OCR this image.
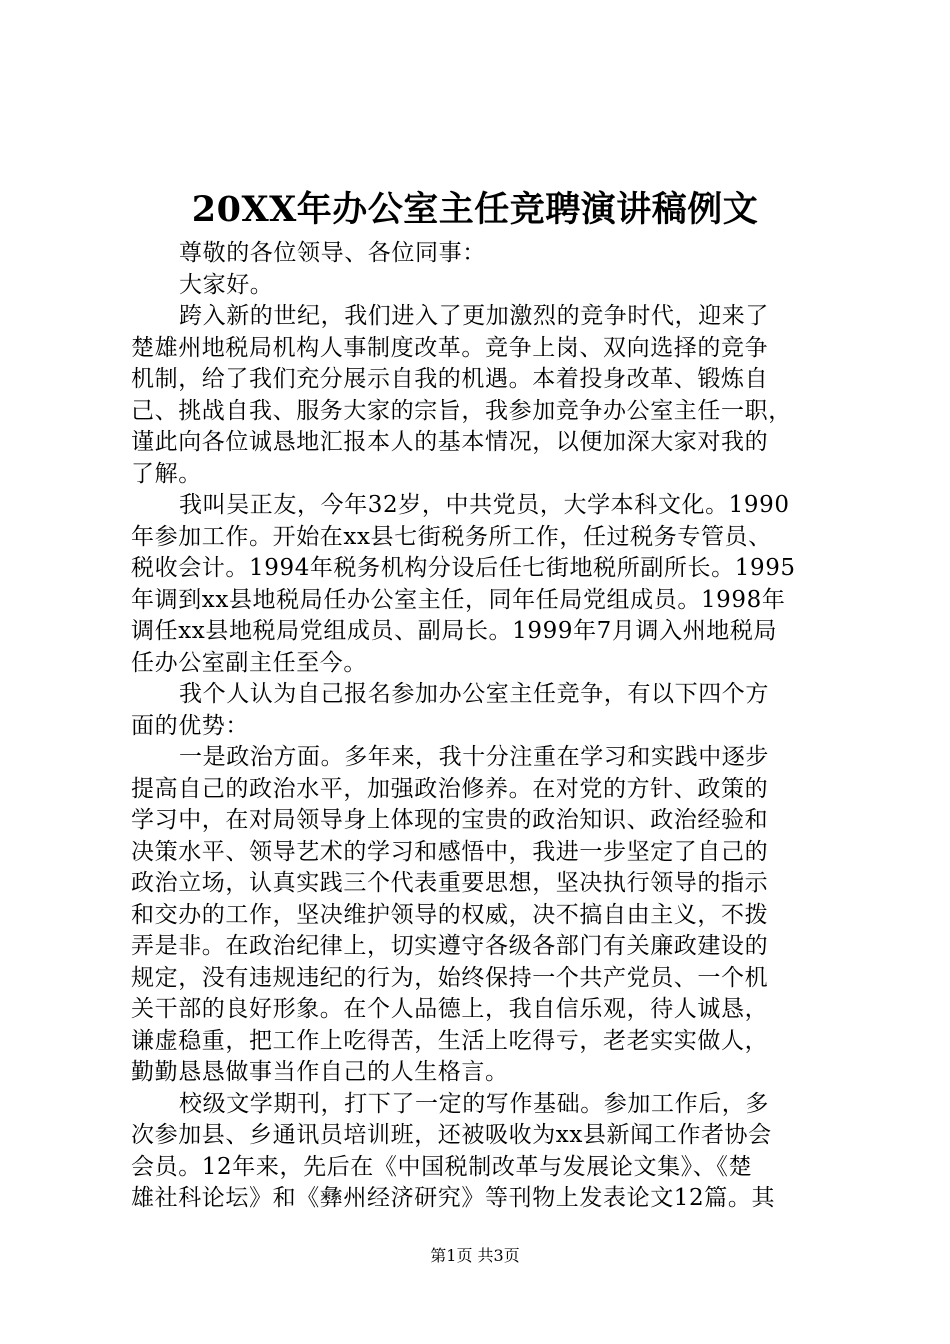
20XX年办公室主任竞聘演讲稿例文

尊敬的各位领导、各位同事：

大家好。

跨入新的世纪，我们进入了更加激烈的竞争时代，迎来了

楚雄州地税局机构人事制度改革。竞争上岗、双向选择的竞争

机制，给了我们充分展示自我的机遇。本着投身改革、锻炼自

己、挑战自我、服务大家的宗旨，我参加竞争办公室主任一职，

谨此向各位诚恳地汇报本人的基本情况，以便加深大家对我的

了解。

我叫吴正友，今年32岁，中共党员，大学本科文化。1990

年参加工作。开始在xx县七街税务所工作，任过税务专管员、

税收会计。1994年税务机构分设后任七街地税所副所长。1995

年调到xx县地税局任办公室主任，同年任局党组成员。1998年

调任xx县地税局党组成员、副局长。1999年7月调入州地税局

任办公室副主任至今。

我个人认为自己报名参加办公室主任竞争，有以下四个方

面的优势：

一是政治方面。多年来，我十分注重在学习和实践中逐步

提高自己的政治水平，加强政治修养。在对党的方针、政策的

学习中，在对局领导身上体现的宝贵的政治知识、政治经验和

决策水平、领导艺术的学习和感悟中，我进一步坚定了自己的

政治立场，认真实践三个代表重要思想，坚决执行领导的指示

和交办的工作，坚决维护领导的权威，决不搞自由主义，不拨

弄是非。在政治纪律上，切实遵守各级各部门有关廉政建设的

规定，没有违规违纪的行为，始终保持一个共产党员、一个机

关干部的良好形象。在个人品德上，我自信乐观，待人诚恳，

谦虚稳重，把工作上吃得苦，生活上吃得亏，老老实实做人，

勤勤恳恳做事当作自己的人生格言。

校级文学期刊，打下了一定的写作基础。参加工作后，多

次参加县、乡通讯员培训班，还被吸收为xx县新闻工作者协会

会员。12年来，先后在《中国税制改革与发展论文集》、《楚

雄社科论坛》和《彝州经济研究》等刊物上发表论文12篇。其

第1页 共3页
